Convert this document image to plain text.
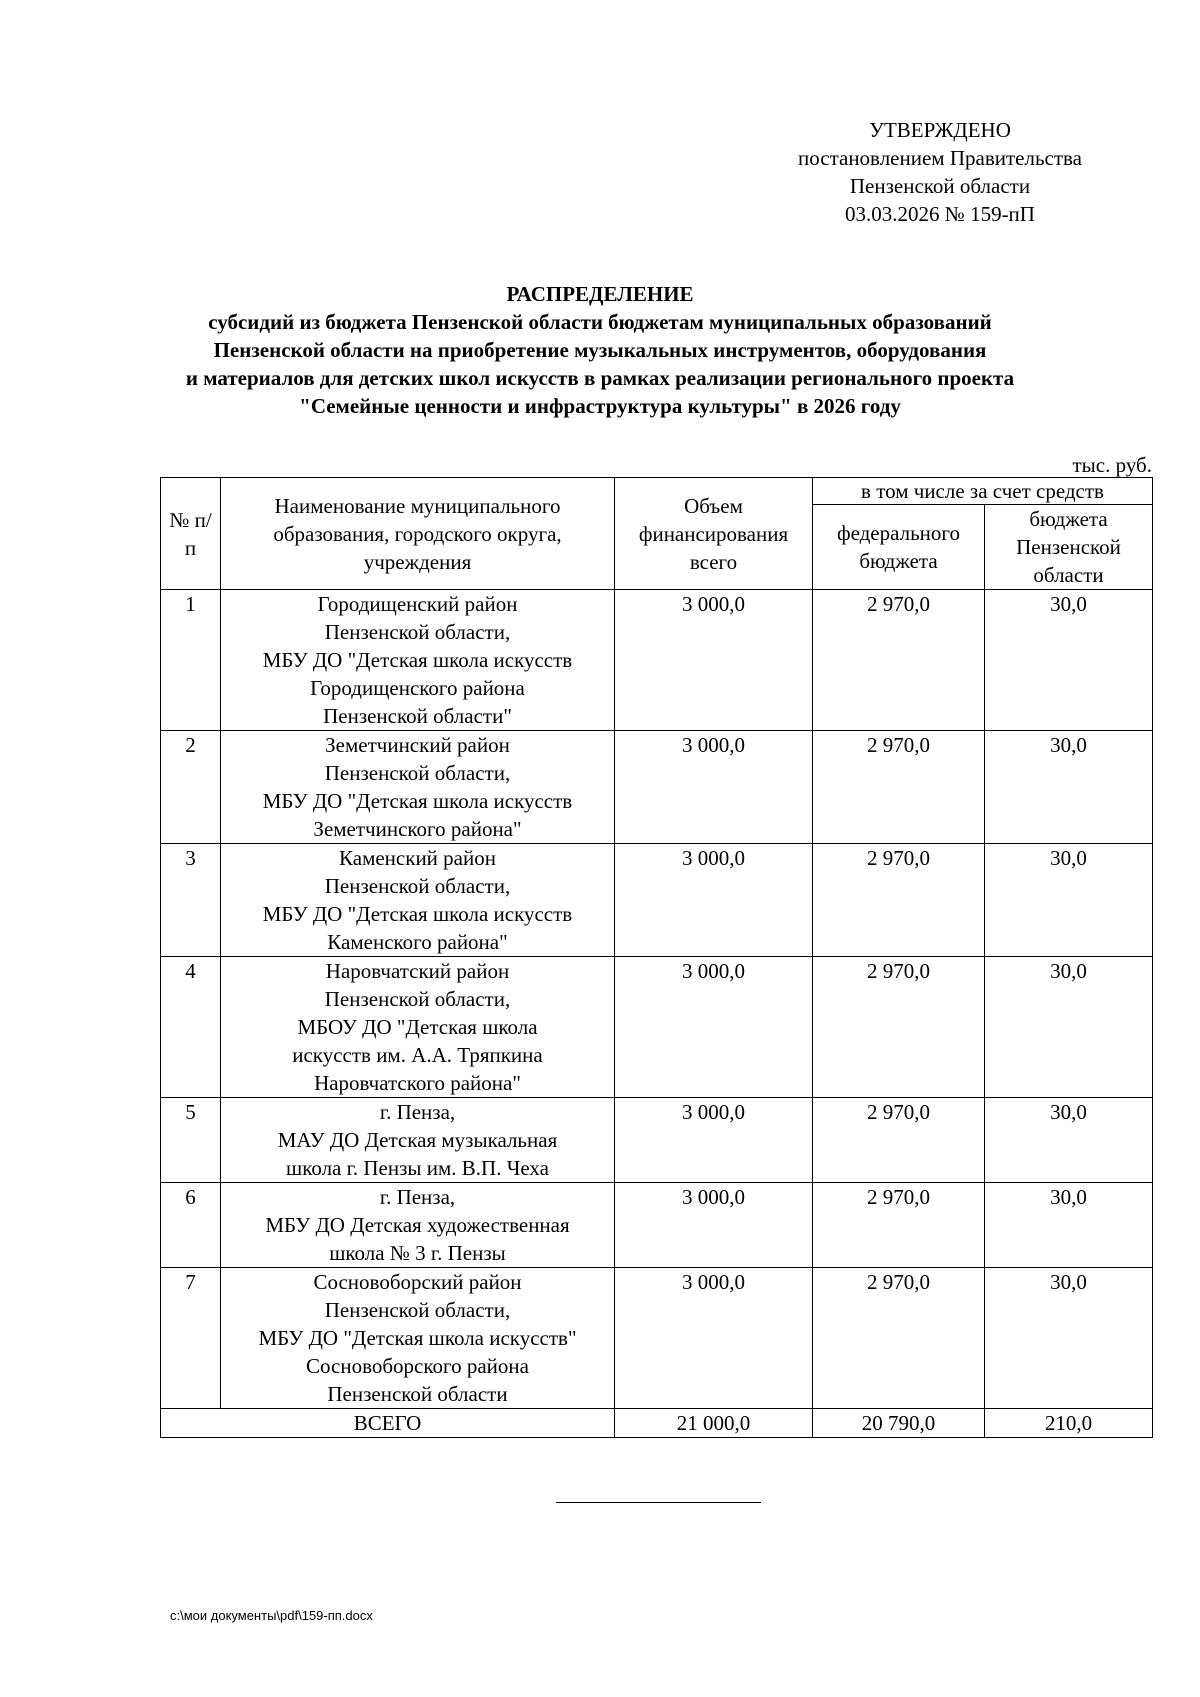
УТВЕРЖДЕНО
постановлением Правительства
Пензенской области
03.03.2026 № 159-пП
РАСПРЕДЕЛЕНИЕ
субсидий из бюджета Пензенской области бюджетам муниципальных образований
Пензенской области на приобретение музыкальных инструментов, оборудования
и материалов для детских школ искусств в рамках реализации регионального проекта
"Семейные ценности и инфраструктура культуры" в 2026 году
тыс. руб.
№ п/п	Наименование муниципального образования, городского округа, учреждения	Объем финансирования всего	в том числе за счет средств	
			федерального бюджета	бюджета Пензенской области
1	Городищенский район
Пензенской области,
МБУ ДО "Детская школа искусств
Городищенского района
Пензенской области"	3 000,0	2 970,0	30,0
2	Земетчинский район
Пензенской области,
МБУ ДО "Детская школа искусств
Земетчинского района"	3 000,0	2 970,0	30,0
3	Каменский район
Пензенской области,
МБУ ДО "Детская школа искусств
Каменского района"	3 000,0	2 970,0	30,0
4	Наровчатский район
Пензенской области,
МБОУ ДО "Детская школа
искусств им. А.А. Тряпкина
Наровчатского района"	3 000,0	2 970,0	30,0
5	г. Пенза,
МАУ ДО Детская музыкальная
школа г. Пензы им. В.П. Чеха	3 000,0	2 970,0	30,0
6	г. Пенза,
МБУ ДО Детская художественная
школа № 3 г. Пензы	3 000,0	2 970,0	30,0
7	Сосновоборский район
Пензенской области,
МБУ ДО "Детская школа искусств"
Сосновоборского района
Пензенской области	3 000,0	2 970,0	30,0
ВСЕГО		21 000,0	20 790,0	210,0
c:\мои документы\pdf\159-пп.docx
